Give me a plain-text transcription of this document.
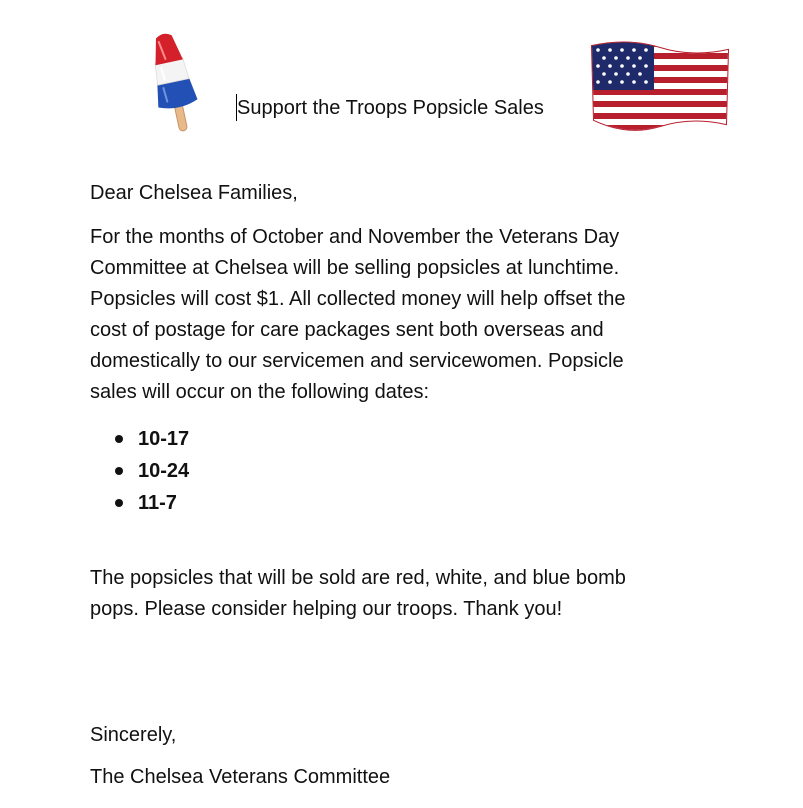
Support the Troops Popsicle Sales

Dear Chelsea Families,

For the months of October and November the Veterans Day
Committee at Chelsea will be selling popsicles at lunchtime.
Popsicles will cost $1. All collected money will help offset the
cost of postage for care packages sent both overseas and
domestically to our servicemen and servicewomen. Popsicle
sales will occur on the following dates:

10-17
10-24
11-7

The popsicles that will be sold are red, white, and blue bomb
pops. Please consider helping our troops. Thank you!

Sincerely,

The Chelsea Veterans Committee
